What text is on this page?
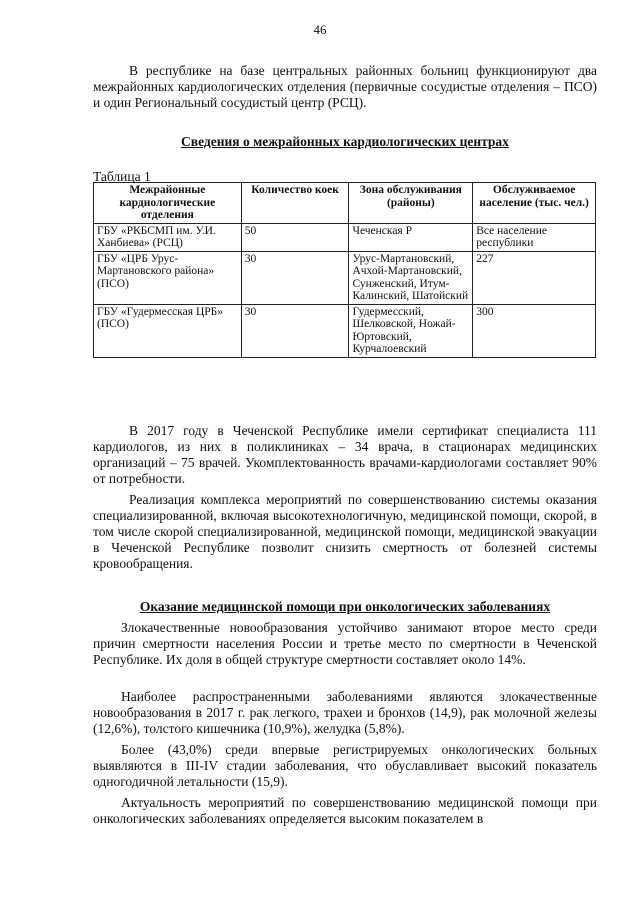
46

В республике на базе центральных районных больниц функционируют два межрайонных кардиологических отделения (первичные сосудистые отделения – ПСО) и один Региональный сосудистый центр (РСЦ).

Сведения о межрайонных кардиологических центрах

Таблица 1
Межрайонные кардиологические отделения	Количество коек	Зона обслуживания (районы)	Обслуживаемое население (тыс. чел.)
ГБУ «РКБСМП им. У.И. Ханбиева» (РСЦ)	50	Чеченская Р	Все население республики
ГБУ «ЦРБ Урус-Мартановского района» (ПСО)	30	Урус-Мартановский, Ачхой-Мартановский, Сунженский, Итум-Калинский, Шатойский	227
ГБУ «Гудермесская ЦРБ» (ПСО)	30	Гудермесский, Шелковской, Ножай-Юртовский, Курчалоевский	300

В 2017 году в Чеченской Республике имели сертификат специалиста 111 кардиологов, из них в поликлиниках – 34 врача, в стационарах медицинских организаций – 75 врачей. Укомплектованность врачами-кардиологами составляет 90% от потребности.

Реализация комплекса мероприятий по совершенствованию системы оказания специализированной, включая высокотехнологичную, медицинской помощи, скорой, в том числе скорой специализированной, медицинской помощи, медицинской эвакуации в Чеченской Республике позволит снизить смертность от болезней системы кровообращения.

Оказание медицинской помощи при онкологических заболеваниях

Злокачественные новообразования устойчиво занимают второе место среди причин смертности населения России и третье место по смертности в Чеченской Республике. Их доля в общей структуре смертности составляет около 14%.

Наиболее распространенными заболеваниями являются злокачественные новообразования в 2017 г. рак легкого, трахеи и бронхов (14,9), рак молочной железы (12,6%), толстого кишечника (10,9%), желудка (5,8%).

Более (43,0%) среди впервые регистрируемых онкологических больных выявляются в III-IV стадии заболевания, что обуславливает высокий показатель одногодичной летальности (15,9).

Актуальность мероприятий по совершенствованию медицинской помощи при онкологических заболеваниях определяется высоким показателем в
